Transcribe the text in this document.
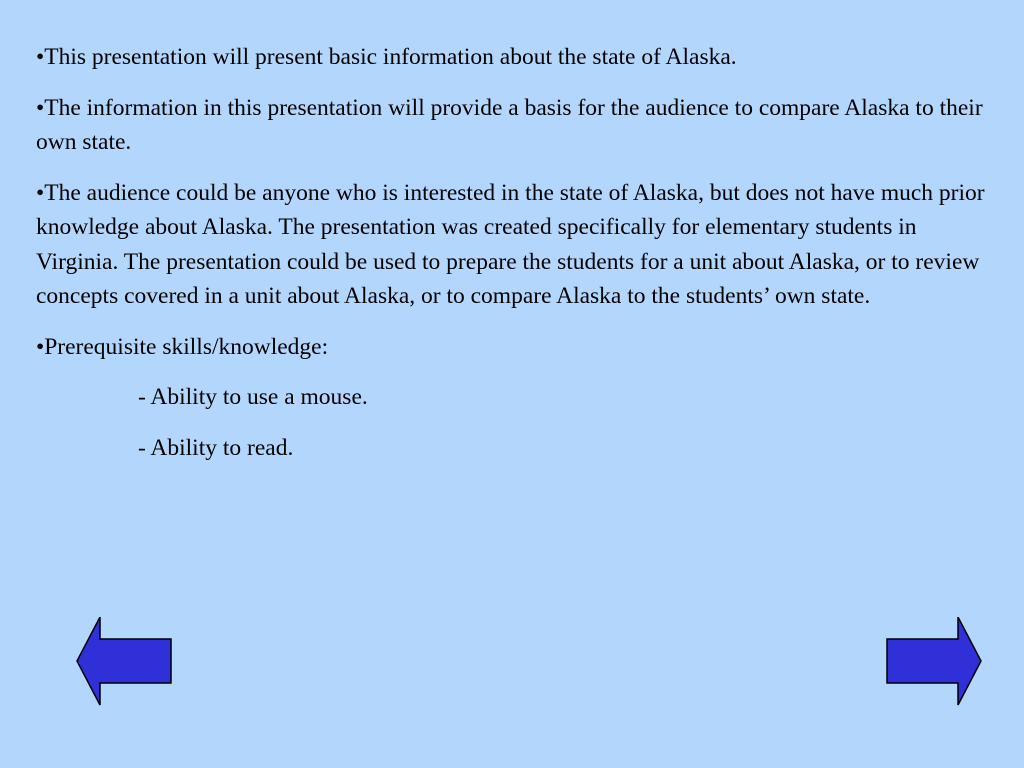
•This presentation will present basic information about the state of Alaska.

•The information in this presentation will provide a basis for the audience to compare Alaska to their own state.

•The audience could be anyone who is interested in the state of Alaska, but does not have much prior knowledge about Alaska. The presentation was created specifically for elementary students in Virginia. The presentation could be used to prepare the students for a unit about Alaska, or to review concepts covered in a unit about Alaska, or to compare Alaska to the students’ own state.

•Prerequisite skills/knowledge:

- Ability to use a mouse.

- Ability to read.
